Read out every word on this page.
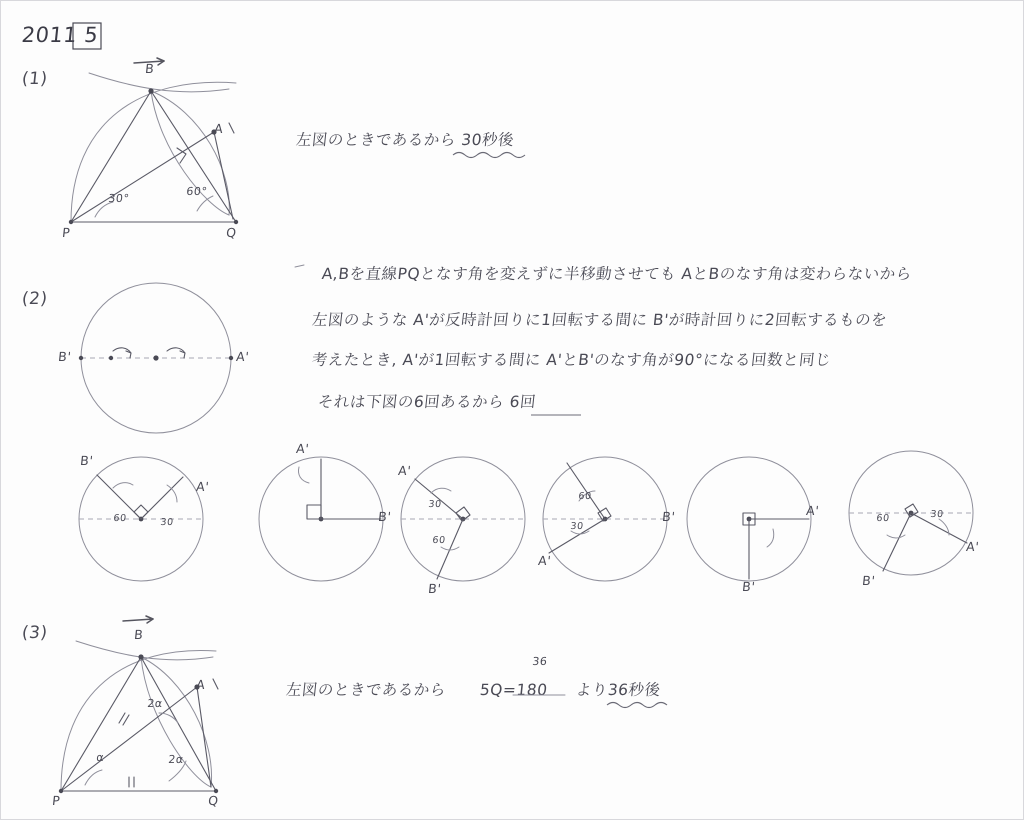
2011 5
(1)
P	Q
A
B
30°
60°
左図のときであるから 30秒後
(2)
B'	A'
A,Bを直線PQとなす角を変えずに半移動させても AとBのなす角は変わらないから
左図のような A'が反時計回りに1回転する間に B'が時計回りに2回転するものを
考えたとき, A'が1回転する間に A'とB'のなす角が90°になる回数と同じ
それは下図の6回あるから 6回
B'
A'
60	30
A'
B'
A'
B'
30
60
A'
B'
60
30
B'
A'
B'
A'
60	30
(3)
P	Q
A
B
α
2α
2α
左図のときであるから 5Q=180
36
より
36秒後
